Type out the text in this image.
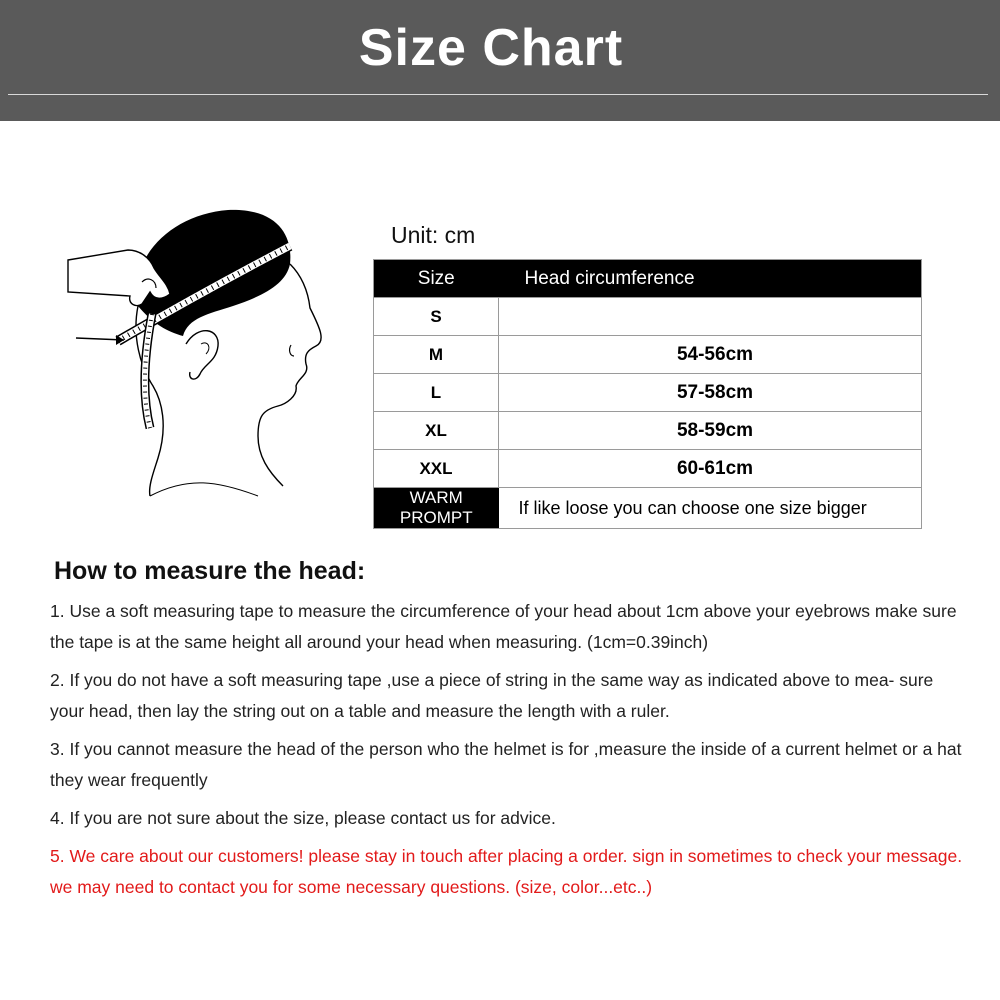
Size Chart
Unit: cm
Size	Head circumference
S	
M	54-56cm
L	57-58cm
XL	58-59cm
XXL	60-61cm

WARM
PROMPT	If like loose you can choose one size bigger
How to measure the head:

1. Use a soft measuring tape to measure the circumference of your head about 1cm above your eyebrows make sure the tape is at the same height all around your head when measuring. (1cm=0.39inch)

2. If you do not have a soft measuring tape ,use a piece of string in the same way as indicated above to mea- sure your head, then lay the string out on a table and measure the length with a ruler.

3. If you cannot measure the head of the person who the helmet is for ,measure the inside of a current helmet or a hat they wear frequently

4. If you are not sure about the size, please contact us for advice.

5. We care about our customers! please stay in touch after placing a order. sign in sometimes to check your message. we may need to contact you for some necessary questions. (size, color...etc..)
